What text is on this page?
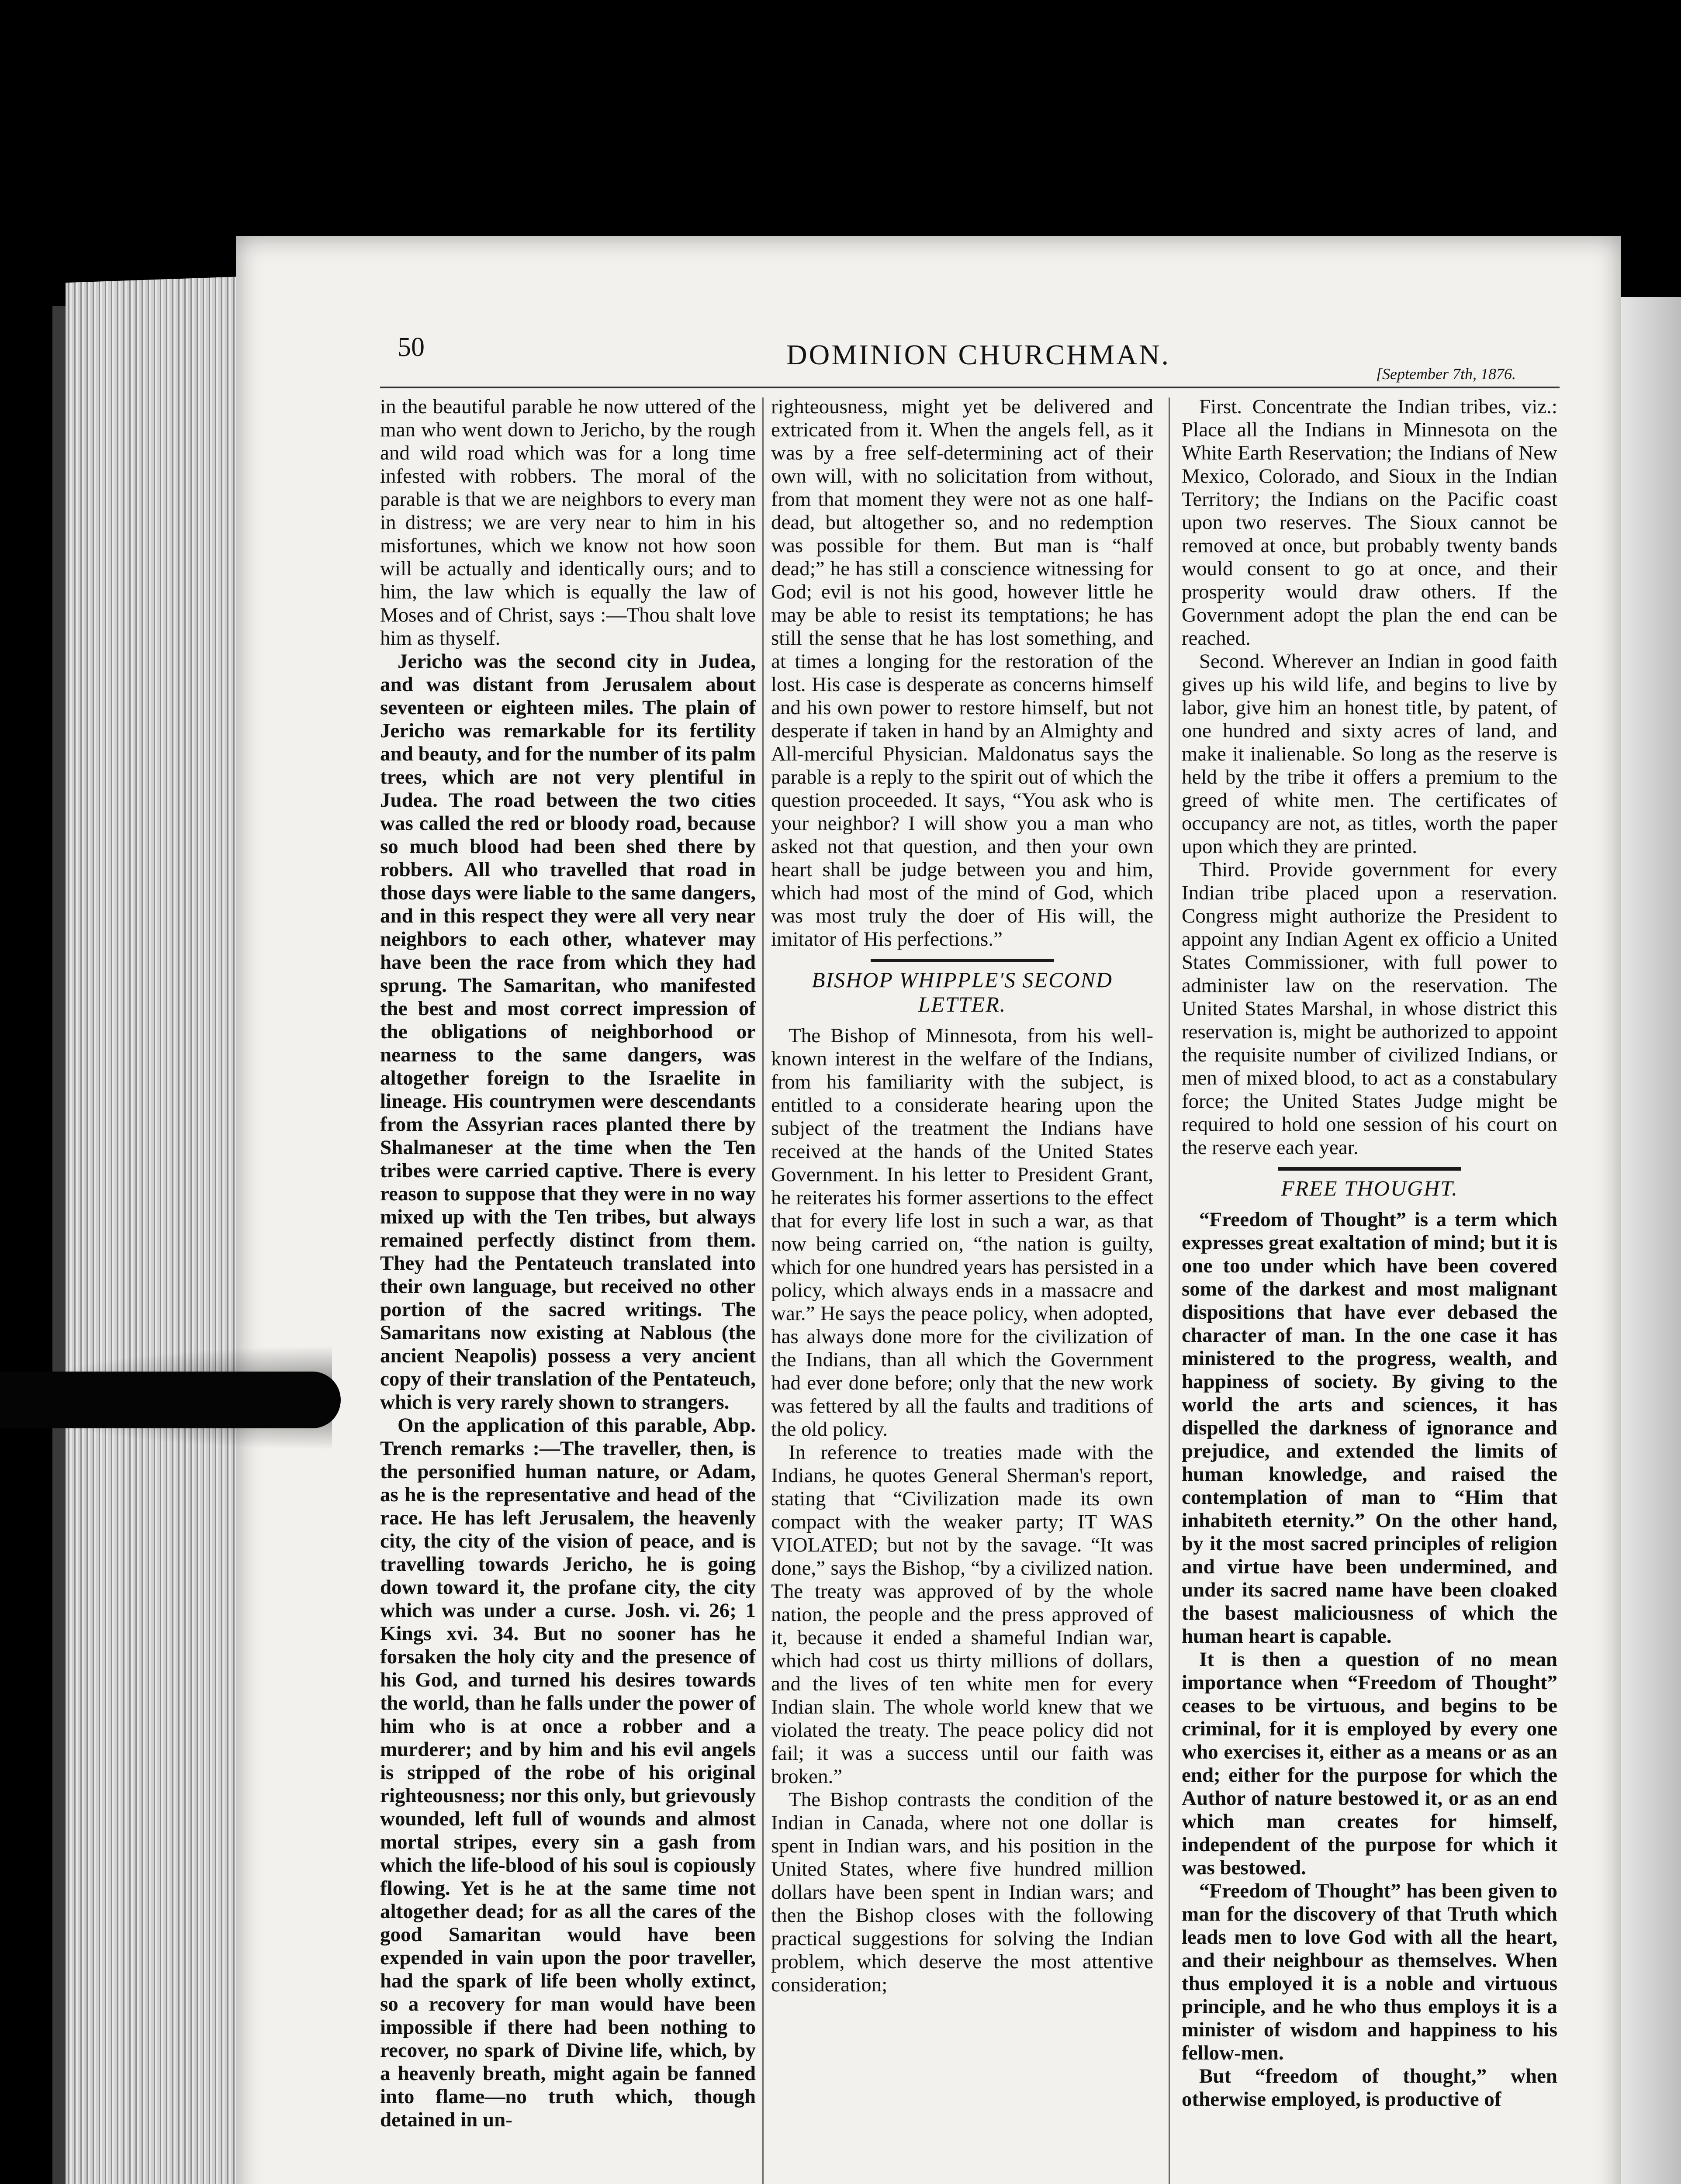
50	DOMINION CHURCHMAN.
[September 7th, 1876.

in the beautiful parable he now uttered of the man who went down to Jericho, by the rough and wild road which was for a long time infested with robbers. The moral of the parable is that we are neighbors to every man in distress; we are very near to him in his misfortunes, which we know not how soon will be actually and identically ours; and to him, the law which is equally the law of Moses and of Christ, says :—Thou shalt love him as thyself.

Jericho was the second city in Judea, and was distant from Jerusalem about seventeen or eighteen miles. The plain of Jericho was remarkable for its fertility and beauty, and for the number of its palm trees, which are not very plentiful in Judea. The road between the two cities was called the red or bloody road, because so much blood had been shed there by robbers. All who travelled that road in those days were liable to the same dangers, and in this respect they were all very near neighbors to each other, whatever may have been the race from which they had sprung. The Samaritan, who manifested the best and most correct impression of the obligations of neighborhood or nearness to the same dangers, was altogether foreign to the Israelite in lineage. His countrymen were descendants from the Assyrian races planted there by Shalmaneser at the time when the Ten tribes were carried captive. There is every reason to suppose that they were in no way mixed up with the Ten tribes, but always remained perfectly distinct from them. They had the Pentateuch translated into their own language, but received no other portion of the sacred writings. The Samaritans now existing at Nablous (the ancient Neapolis) possess a very ancient copy of their translation of the Pentateuch, which is very rarely shown to strangers.

On the application of this parable, Abp. Trench remarks :—The traveller, then, is the personified human nature, or Adam, as he is the representative and head of the race. He has left Jerusalem, the heavenly city, the city of the vision of peace, and is travelling towards Jericho, he is going down toward it, the profane city, the city which was under a curse. Josh. vi. 26; 1 Kings xvi. 34. But no sooner has he forsaken the holy city and the presence of his God, and turned his desires towards the world, than he falls under the power of him who is at once a robber and a murderer; and by him and his evil angels is stripped of the robe of his original righteousness; nor this only, but grievously wounded, left full of wounds and almost mortal stripes, every sin a gash from which the life-blood of his soul is copiously flowing. Yet is he at the same time not altogether dead; for as all the cares of the good Samaritan would have been expended in vain upon the poor traveller, had the spark of life been wholly extinct, so a recovery for man would have been impossible if there had been nothing to recover, no spark of Divine life, which, by a heavenly breath, might again be fanned into flame—no truth which, though detained in un-

righteousness, might yet be delivered and extricated from it. When the angels fell, as it was by a free self-determining act of their own will, with no solicitation from without, from that moment they were not as one half-dead, but altogether so, and no redemption was possible for them. But man is “half dead;” he has still a conscience witnessing for God; evil is not his good, however little he may be able to resist its temptations; he has still the sense that he has lost something, and at times a longing for the restoration of the lost. His case is desperate as concerns himself and his own power to restore himself, but not desperate if taken in hand by an Almighty and All-merciful Physician. Maldonatus says the parable is a reply to the spirit out of which the question proceeded. It says, “You ask who is your neighbor? I will show you a man who asked not that question, and then your own heart shall be judge between you and him, which had most of the mind of God, which was most truly the doer of His will, the imitator of His perfections.”

BISHOP WHIPPLE'S SECOND LETTER.

The Bishop of Minnesota, from his well-known interest in the welfare of the Indians, from his familiarity with the subject, is entitled to a considerate hearing upon the subject of the treatment the Indians have received at the hands of the United States Government. In his letter to President Grant, he reiterates his former assertions to the effect that for every life lost in such a war, as that now being carried on, “the nation is guilty, which for one hundred years has persisted in a policy, which always ends in a massacre and war.” He says the peace policy, when adopted, has always done more for the civilization of the Indians, than all which the Government had ever done before; only that the new work was fettered by all the faults and traditions of the old policy.

In reference to treaties made with the Indians, he quotes General Sherman's report, stating that “Civilization made its own compact with the weaker party; IT WAS VIOLATED; but not by the savage. “It was done,” says the Bishop, “by a civilized nation. The treaty was approved of by the whole nation, the people and the press approved of it, because it ended a shameful Indian war, which had cost us thirty millions of dollars, and the lives of ten white men for every Indian slain. The whole world knew that we violated the treaty. The peace policy did not fail; it was a success until our faith was broken.”

The Bishop contrasts the condition of the Indian in Canada, where not one dollar is spent in Indian wars, and his position in the United States, where five hundred million dollars have been spent in Indian wars; and then the Bishop closes with the following practical suggestions for solving the Indian problem, which deserve the most attentive consideration;

First. Concentrate the Indian tribes, viz.: Place all the Indians in Minnesota on the White Earth Reservation; the Indians of New Mexico, Colorado, and Sioux in the Indian Territory; the Indians on the Pacific coast upon two reserves. The Sioux cannot be removed at once, but probably twenty bands would consent to go at once, and their prosperity would draw others. If the Government adopt the plan the end can be reached.

Second. Wherever an Indian in good faith gives up his wild life, and begins to live by labor, give him an honest title, by patent, of one hundred and sixty acres of land, and make it inalienable. So long as the reserve is held by the tribe it offers a premium to the greed of white men. The certificates of occupancy are not, as titles, worth the paper upon which they are printed.

Third. Provide government for every Indian tribe placed upon a reservation. Congress might authorize the President to appoint any Indian Agent ex officio a United States Commissioner, with full power to administer law on the reservation. The United States Marshal, in whose district this reservation is, might be authorized to appoint the requisite number of civilized Indians, or men of mixed blood, to act as a constabulary force; the United States Judge might be required to hold one session of his court on the reserve each year.

FREE THOUGHT.

“Freedom of Thought” is a term which expresses great exaltation of mind; but it is one too under which have been covered some of the darkest and most malignant dispositions that have ever debased the character of man. In the one case it has ministered to the progress, wealth, and happiness of society. By giving to the world the arts and sciences, it has dispelled the darkness of ignorance and prejudice, and extended the limits of human knowledge, and raised the contemplation of man to “Him that inhabiteth eternity.” On the other hand, by it the most sacred principles of religion and virtue have been undermined, and under its sacred name have been cloaked the basest maliciousness of which the human heart is capable.

It is then a question of no mean importance when “Freedom of Thought” ceases to be virtuous, and begins to be criminal, for it is employed by every one who exercises it, either as a means or as an end; either for the purpose for which the Author of nature bestowed it, or as an end which man creates for himself, independent of the purpose for which it was bestowed.

“Freedom of Thought” has been given to man for the discovery of that Truth which leads men to love God with all the heart, and their neighbour as themselves. When thus employed it is a noble and virtuous principle, and he who thus employs it is a minister of wisdom and happiness to his fellow-men.

But “freedom of thought,” when otherwise employed, is productive of
